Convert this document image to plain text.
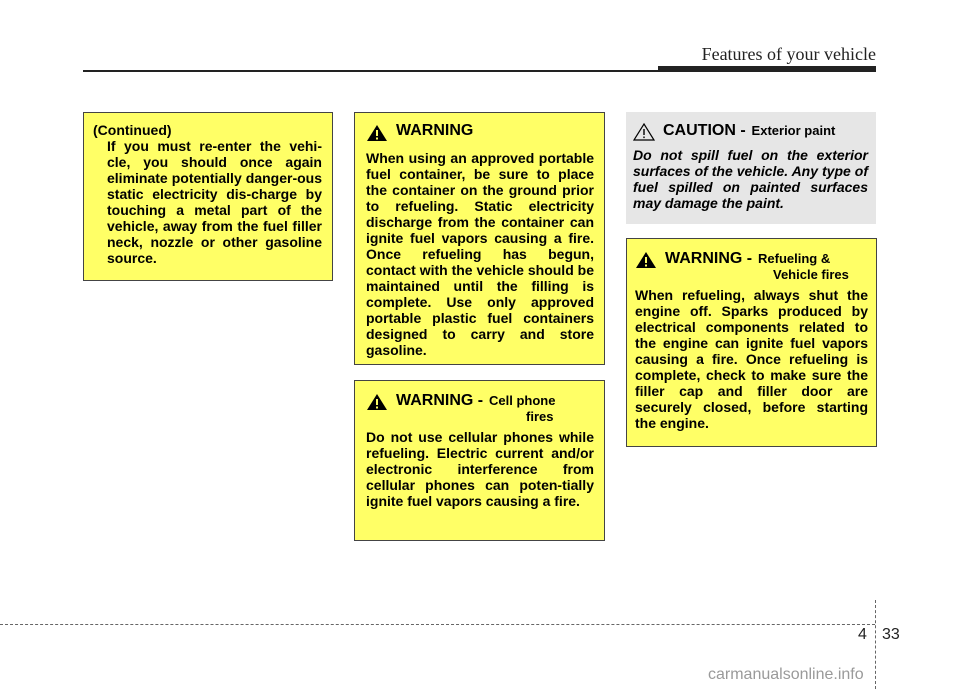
Features of your vehicle
(Continued)
If you must re-enter the vehi-cle, you should once again eliminate potentially danger-ous static electricity dis-charge by touching a metal part of the vehicle, away from the fuel filler neck, nozzle or other gasoline source.
WARNING
When using an approved portable fuel container, be sure to place the container on the ground prior to refueling. Static electricity discharge from the container can ignite fuel vapors causing a fire. Once refueling has begun, contact with the vehicle should be maintained until the filling is complete. Use only approved portable plastic fuel containers designed to carry and store gasoline.
WARNING - Cell phone
fires
Do not use cellular phones while refueling. Electric current and/or electronic interference from cellular phones can poten-tially ignite fuel vapors causing a fire.
CAUTION - Exterior paint
Do not spill fuel on the exterior surfaces of the vehicle. Any type of fuel spilled on painted surfaces may damage the paint.
WARNING - Refueling &
Vehicle fires
When refueling, always shut the engine off. Sparks produced by electrical components related to the engine can ignite fuel vapors causing a fire. Once refueling is complete, check to make sure the filler cap and filler door are securely closed, before starting the engine.
4 33
carmanualsonline.info
